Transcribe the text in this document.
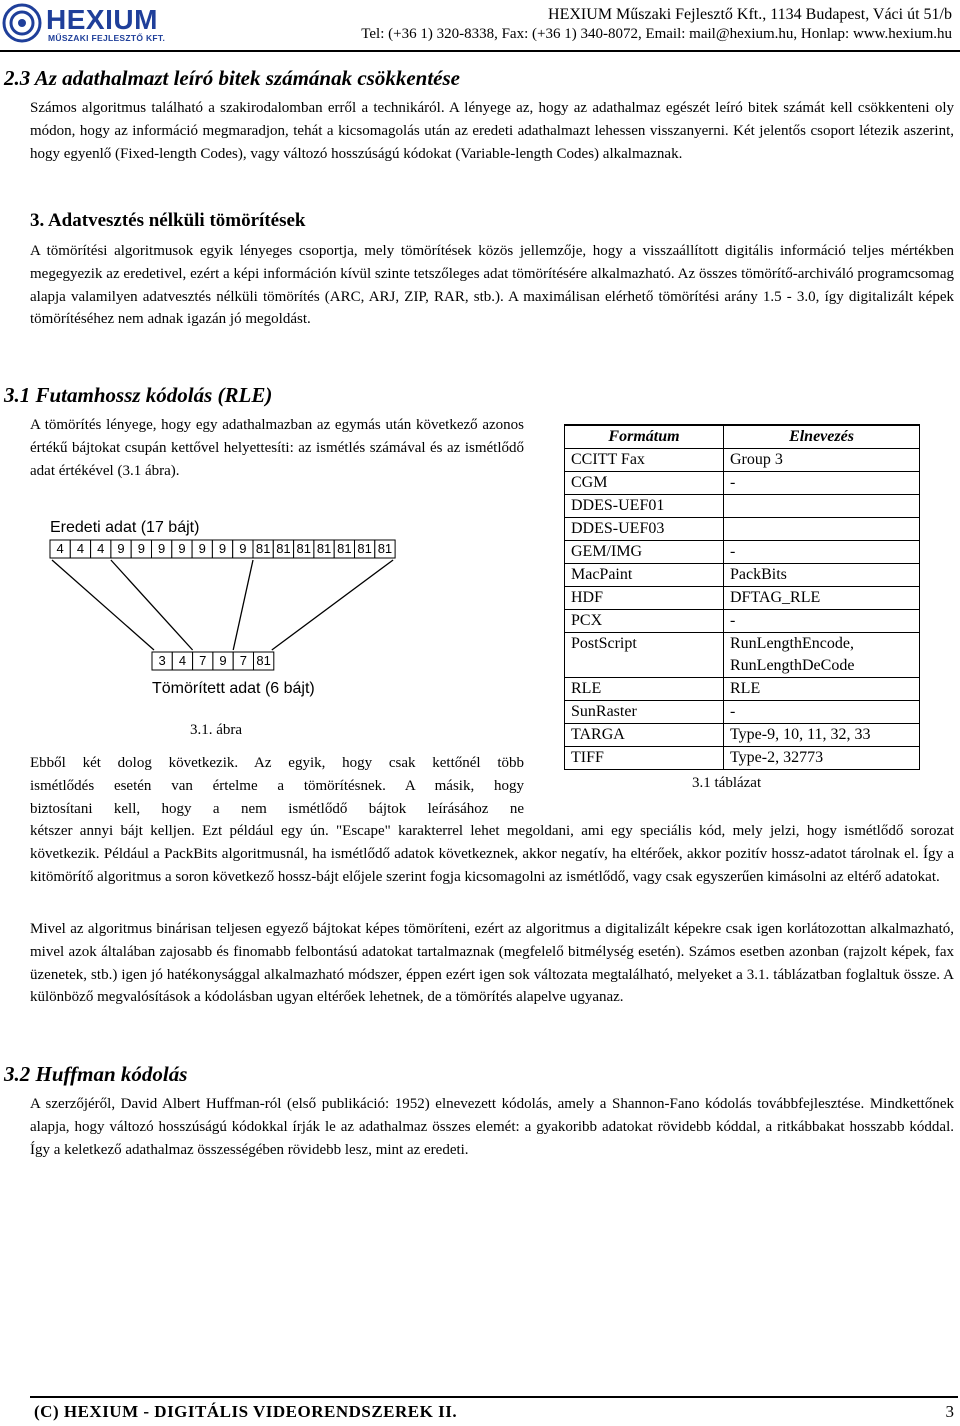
HEXIUM
MŰSZAKI FEJLESZTŐ KFT.
HEXIUM Műszaki Fejlesztő Kft., 1134 Budapest, Váci út 51/b
Tel: (+36 1) 320-8338, Fax: (+36 1) 340-8072, Email: mail@hexium.hu, Honlap: www.hexium.hu
2.3 Az adathalmazt leíró bitek számának csökkentése

Számos algoritmus található a szakirodalomban erről a technikáról. A lényege az, hogy az adathalmaz egészét leíró bitek számát kell csökkenteni oly módon, hogy az információ megmaradjon, tehát a kicsomagolás után az eredeti adathalmazt lehessen visszanyerni. Két jelentős csoport létezik aszerint, hogy egyenlő (Fixed-length Codes), vagy változó hosszúságú kódokat (Variable-length Codes) alkalmaznak.

3. Adatvesztés nélküli tömörítések

A tömörítési algoritmusok egyik lényeges csoportja, mely tömörítések közös jellemzője, hogy a visszaállított digitális információ teljes mértékben megegyezik az eredetivel, ezért a képi információn kívül szinte tetszőleges adat tömörítésére alkalmazható. Az összes tömörítő-archiváló programcsomag alapja valamilyen adatvesztés nélküli tömörítés (ARC, ARJ, ZIP, RAR, stb.). A maximálisan elérhető tömörítési arány 1.5 - 3.0, így digitalizált képek tömörítéséhez nem adnak igazán jó megoldást.

3.1 Futamhossz kódolás (RLE)

A tömörítés lényege, hogy egy adathalmazban az egymás után következő azonos értékű bájtokat csupán kettővel helyettesíti: az ismétlés számával és az ismétlődő adat értékével (3.1 ábra).

Eredeti adat (17 bájt)
4 4 4 9 9 9 9 9 9 9 81 81 81 81 81 81 81
3 4 7 9 7 81
Tömörített adat (6 bájt)
3.1. ábra
Formátum	Elnevezés
CCITT Fax	Group 3
CGM	-
DDES-UEF01	
DDES-UEF03	
GEM/IMG	-
MacPaint	PackBits
HDF	DFTAG_RLE
PCX	-
PostScript	RunLengthEncode,
RunLengthDeCode
RLE	RLE
SunRaster	-
TARGA	Type-9, 10, 11, 32, 33
TIFF	Type-2, 32773
3.1 táblázat
Ebből két dolog következik. Az egyik, hogy csak kettőnél több
ismétlődés esetén van értelme a tömörítésnek. A másik, hogy
biztosítani kell, hogy a nem ismétlődő bájtok leírásához ne

kétszer annyi bájt kelljen. Ezt például egy ún. "Escape" karakterrel lehet megoldani, ami egy speciális kód, mely jelzi, hogy ismétlődő sorozat következik. Például a PackBits algoritmusnál, ha ismétlődő adatok következnek, akkor negatív, ha eltérőek, akkor pozitív hossz-adatot tárolnak el. Így a kitömörítő algoritmus a soron következő hossz-bájt előjele szerint fogja kicsomagolni az ismétlődő, vagy csak egyszerűen kimásolni az eltérő adatokat.

Mivel az algoritmus binárisan teljesen egyező bájtokat képes tömöríteni, ezért az algoritmus a digitalizált képekre csak igen korlátozottan alkalmazható, mivel azok általában zajosabb és finomabb felbontású adatokat tartalmaznak (megfelelő bitmélység esetén). Számos esetben azonban (rajzolt képek, fax üzenetek, stb.) igen jó hatékonysággal alkalmazható módszer, éppen ezért igen sok változata megtalálható, melyeket a 3.1. táblázatban foglaltuk össze. A különböző megvalósítások a kódolásban ugyan eltérőek lehetnek, de a tömörítés alapelve ugyanaz.

3.2 Huffman kódolás

A szerzőjéről, David Albert Huffman-ról (első publikáció: 1952) elnevezett kódolás, amely a Shannon-Fano kódolás továbbfejlesztése. Mindkettőnek alapja, hogy változó hosszúságú kódokkal írják le az adathalmaz összes elemét: a gyakoribb adatokat rövidebb kóddal, a ritkábbakat hosszabb kóddal. Így a keletkező adathalmaz összességében rövidebb lesz, mint az eredeti.

(C) HEXIUM - DIGITÁLIS VIDEORENDSZEREK II.	3
